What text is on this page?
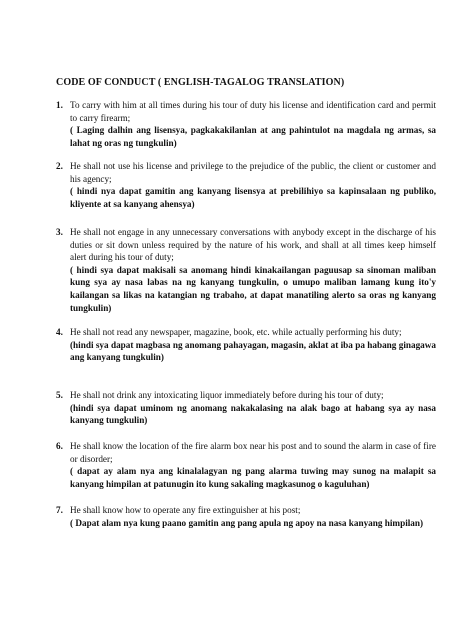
CODE OF CONDUCT ( ENGLISH-TAGALOG TRANSLATION)
1. To carry with him at all times during his tour of duty his license and identification card and permit to carry firearm;
( Laging dalhin ang lisensya, pagkakakilanlan at ang pahintulot na magdala ng armas, sa lahat ng oras ng tungkulin)
2. He shall not use his license and privilege to the prejudice of the public, the client or customer and his agency;
( hindi nya dapat gamitin ang kanyang lisensya at prebilihiyo sa kapinsalaan ng publiko, kliyente at sa kanyang ahensya)
3. He shall not engage in any unnecessary conversations with anybody except in the discharge of his duties or sit down unless required by the nature of his work, and shall at all times keep himself alert during his tour of duty;
( hindi sya dapat makisali sa anomang hindi kinakailangan paguusap sa sinoman maliban kung sya ay nasa labas na ng kanyang tungkulin, o umupo maliban lamang kung ito'y kailangan sa likas na katangian ng trabaho, at dapat manatiling alerto sa oras ng kanyang tungkulin)
4. He shall not read any newspaper, magazine, book, etc. while actually performing his duty;
(hindi sya dapat magbasa ng anomang pahayagan, magasin, aklat at iba pa habang ginagawa ang kanyang tungkulin)
5. He shall not drink any intoxicating liquor immediately before during his tour of duty;
(hindi sya dapat uminom ng anomang nakakalasing na alak bago at habang sya ay nasa kanyang tungkulin)
6. He shall know the location of the fire alarm box near his post and to sound the alarm in case of fire or disorder;
( dapat ay alam nya ang kinalalagyan ng pang alarma tuwing may sunog na malapit sa kanyang himpilan at patunugin ito kung sakaling magkasunog o kaguluhan)
7. He shall know how to operate any fire extinguisher at his post;
( Dapat alam nya kung paano gamitin ang pang apula ng apoy na nasa kanyang himpilan)
